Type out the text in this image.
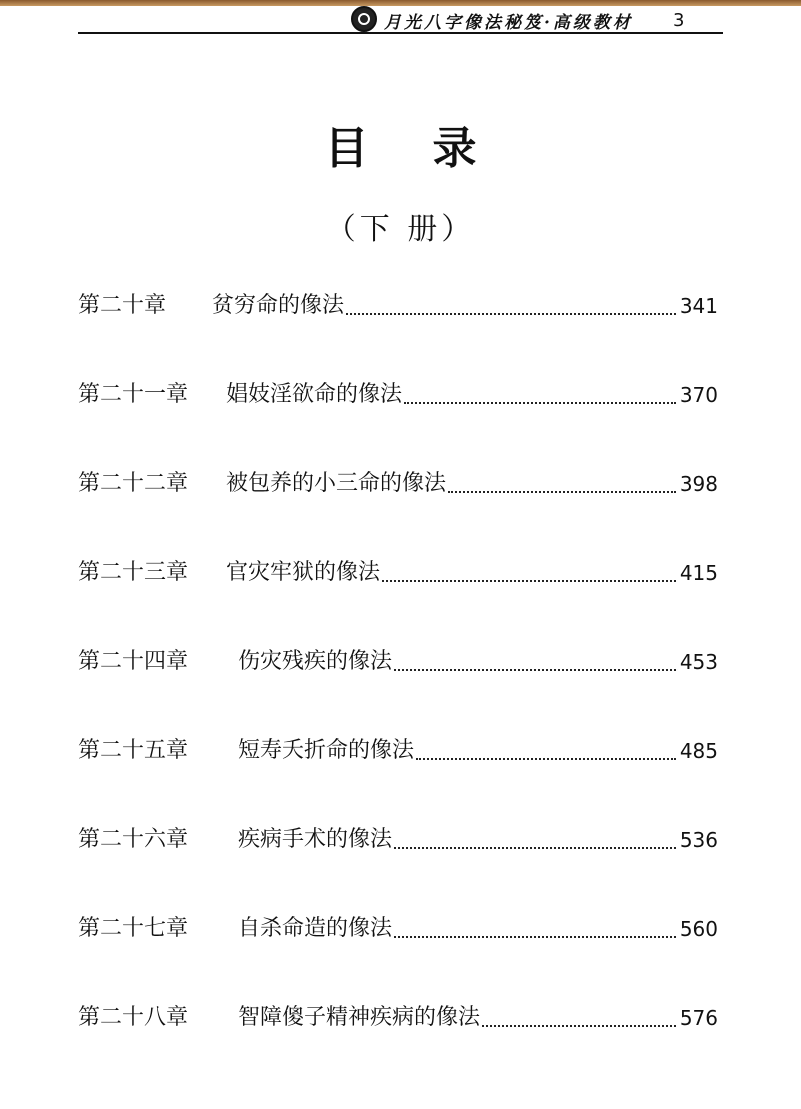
月光八字像法秘笈·高级教材 3
目录
（下 册）
第二十章	贫穷命的像法	341
第二十一章	娼妓淫欲命的像法	370
第二十二章	被包养的小三命的像法	398
第二十三章	官灾牢狱的像法	415
第二十四章	伤灾残疾的像法	453
第二十五章	短寿夭折命的像法	485
第二十六章	疾病手术的像法	536
第二十七章	自杀命造的像法	560
第二十八章	智障傻子精神疾病的像法	576
